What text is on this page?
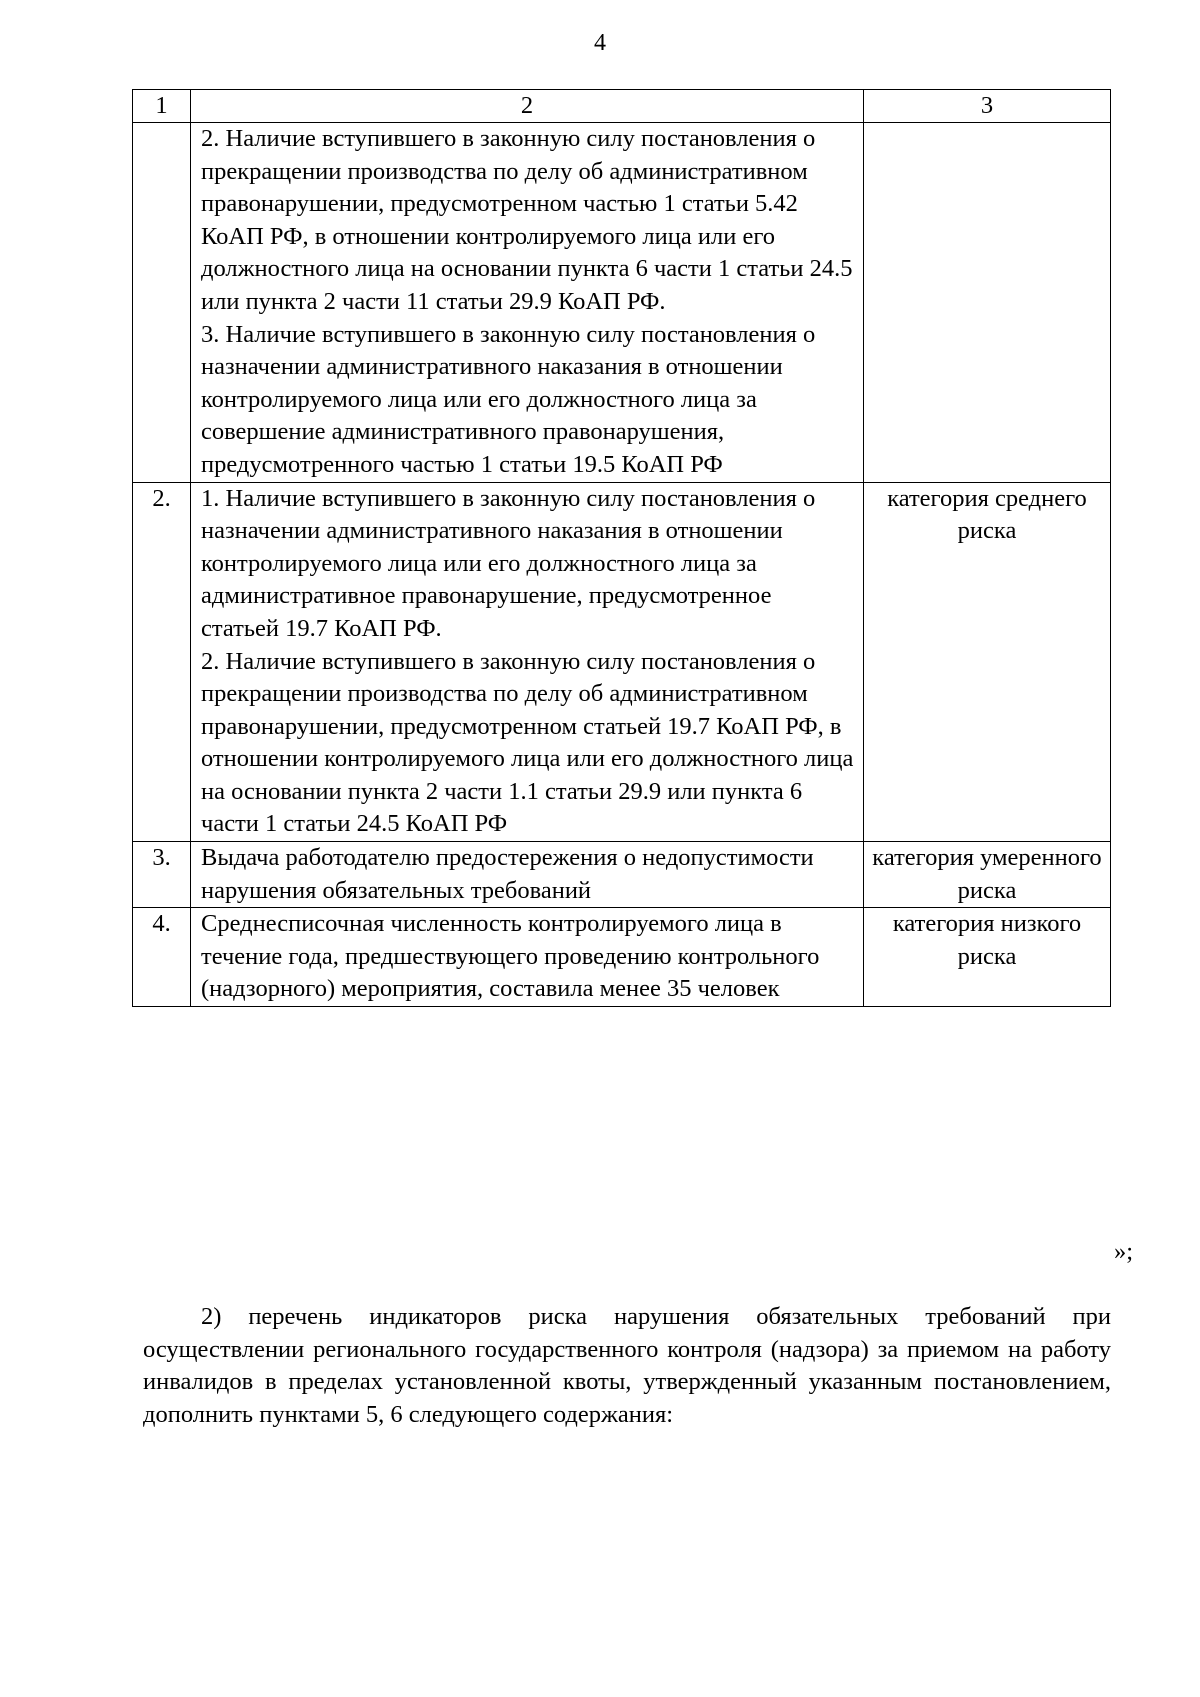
4
1	2	3

	2. Наличие вступившего в законную силу постановления о прекращении производства по делу об административном правонарушении, предусмотренном частью 1 статьи 5.42 КоАП РФ, в отношении контролируемого лица или его должностного лица на основании пункта 6 части 1 статьи 24.5 или пункта 2 части 11 статьи 29.9 КоАП РФ.
3. Наличие вступившего в законную силу постановления о назначении административного наказания в отношении контролируемого лица или его должностного лица за совершение административного правонарушения, предусмотренного частью 1 статьи 19.5 КоАП РФ	

2.	1. Наличие вступившего в законную силу постановления о назначении административного наказания в отношении контролируемого лица или его должностного лица за административное правонарушение, предусмотренное статьей 19.7 КоАП РФ.
2. Наличие вступившего в законную силу постановления о прекращении производства по делу об административном правонарушении, предусмотренном статьей 19.7 КоАП РФ, в отношении контролируемого лица или его должностного лица на основании пункта 2 части 1.1 статьи 29.9 или пункта 6 части 1 статьи 24.5 КоАП РФ	категория среднего риска
3.	Выдача работодателю предостережения о недопустимости нарушения обязательных требований	категория умеренного риска
4.	Среднесписочная численность контролируемого лица в течение года, предшествующего проведению контрольного (надзорного) мероприятия, составила менее 35 человек	категория низкого риска
»;

2) перечень индикаторов риска нарушения обязательных требований при осуществлении регионального государственного контроля (надзора) за приемом на работу инвалидов в пределах установленной квоты, утвержденный указанным постановлением, дополнить пунктами 5, 6 следующего содержания:
